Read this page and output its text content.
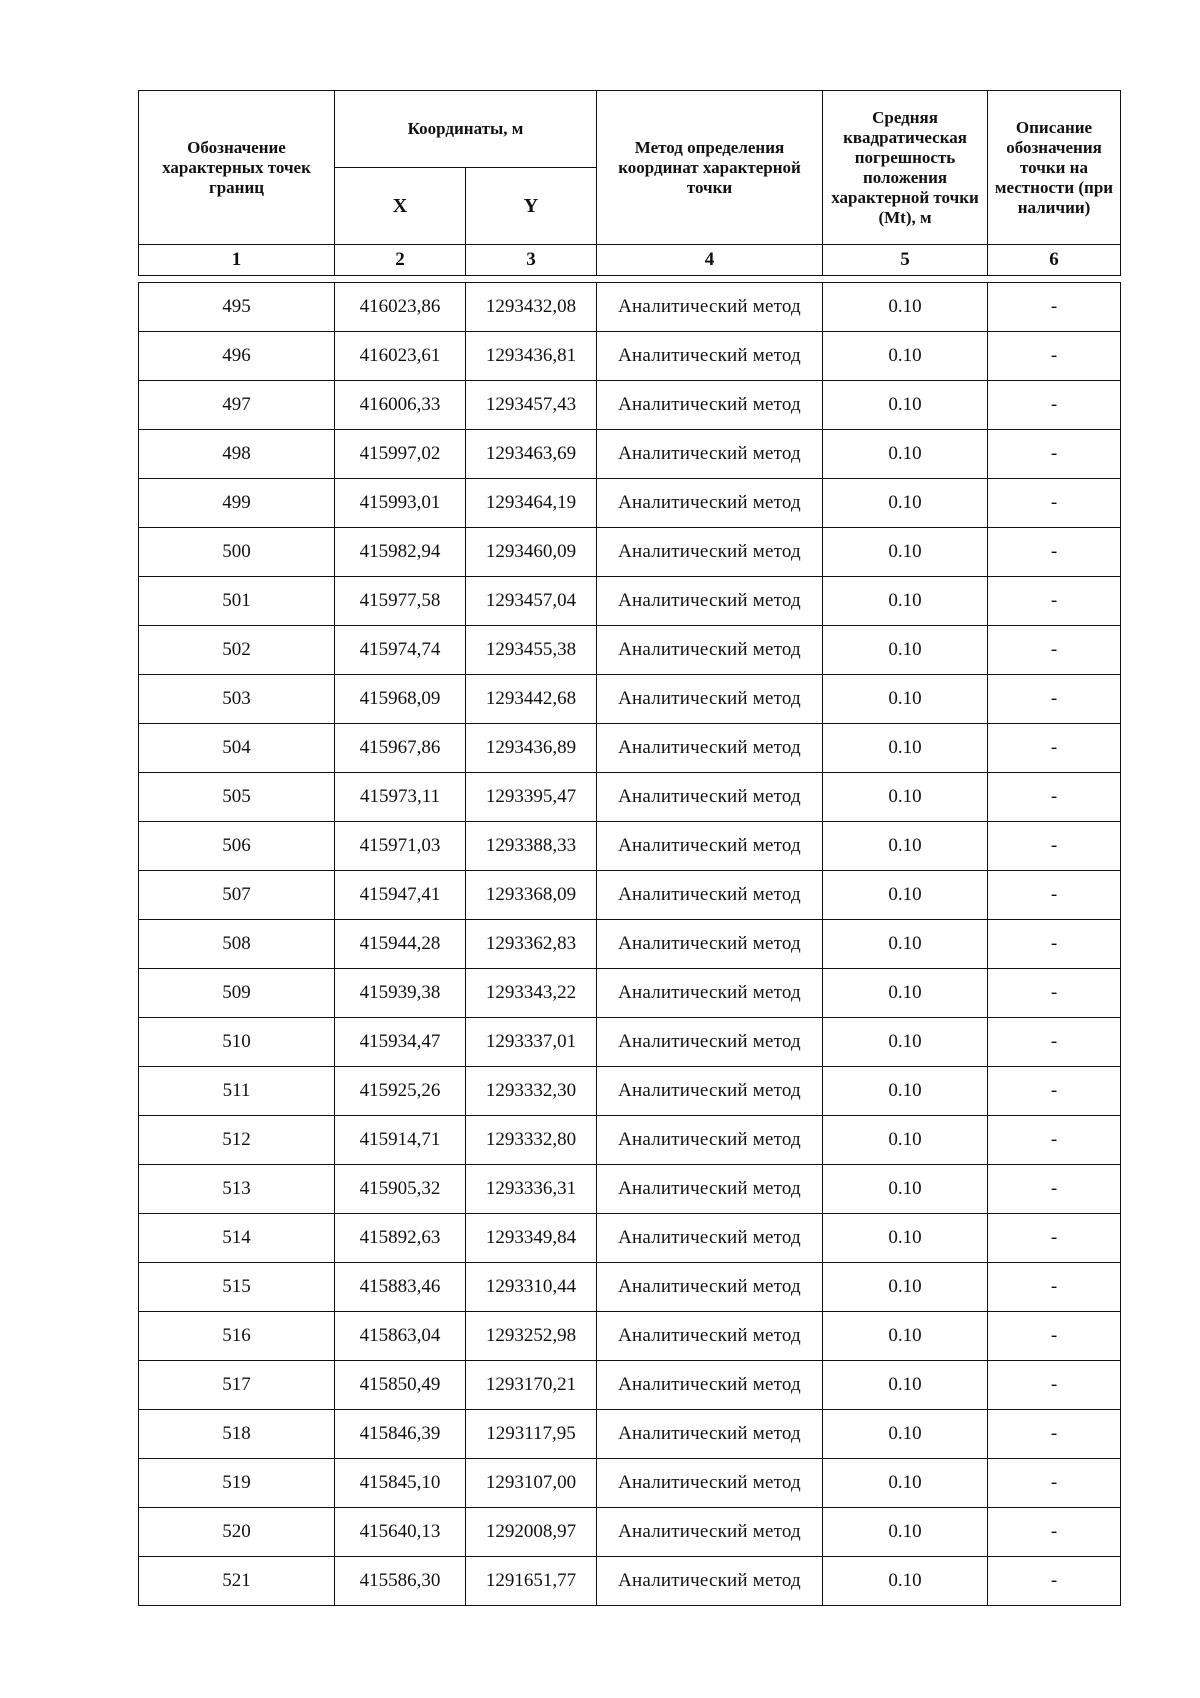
Обозначение характерных точек границ	Координаты, м		Метод определения координат характерной точки	Средняя квадратическая погрешность положения характерной точки (Mt), м	Описание обозначения точки на местности (при наличии)
	X	Y			
1	2	3	4	5	6

495	416023,86	1293432,08	Аналитический метод	0.10	-
496	416023,61	1293436,81	Аналитический метод	0.10	-
497	416006,33	1293457,43	Аналитический метод	0.10	-
498	415997,02	1293463,69	Аналитический метод	0.10	-
499	415993,01	1293464,19	Аналитический метод	0.10	-
500	415982,94	1293460,09	Аналитический метод	0.10	-
501	415977,58	1293457,04	Аналитический метод	0.10	-
502	415974,74	1293455,38	Аналитический метод	0.10	-
503	415968,09	1293442,68	Аналитический метод	0.10	-
504	415967,86	1293436,89	Аналитический метод	0.10	-
505	415973,11	1293395,47	Аналитический метод	0.10	-
506	415971,03	1293388,33	Аналитический метод	0.10	-
507	415947,41	1293368,09	Аналитический метод	0.10	-
508	415944,28	1293362,83	Аналитический метод	0.10	-
509	415939,38	1293343,22	Аналитический метод	0.10	-
510	415934,47	1293337,01	Аналитический метод	0.10	-
511	415925,26	1293332,30	Аналитический метод	0.10	-
512	415914,71	1293332,80	Аналитический метод	0.10	-
513	415905,32	1293336,31	Аналитический метод	0.10	-
514	415892,63	1293349,84	Аналитический метод	0.10	-
515	415883,46	1293310,44	Аналитический метод	0.10	-
516	415863,04	1293252,98	Аналитический метод	0.10	-
517	415850,49	1293170,21	Аналитический метод	0.10	-
518	415846,39	1293117,95	Аналитический метод	0.10	-
519	415845,10	1293107,00	Аналитический метод	0.10	-
520	415640,13	1292008,97	Аналитический метод	0.10	-
521	415586,30	1291651,77	Аналитический метод	0.10	-
